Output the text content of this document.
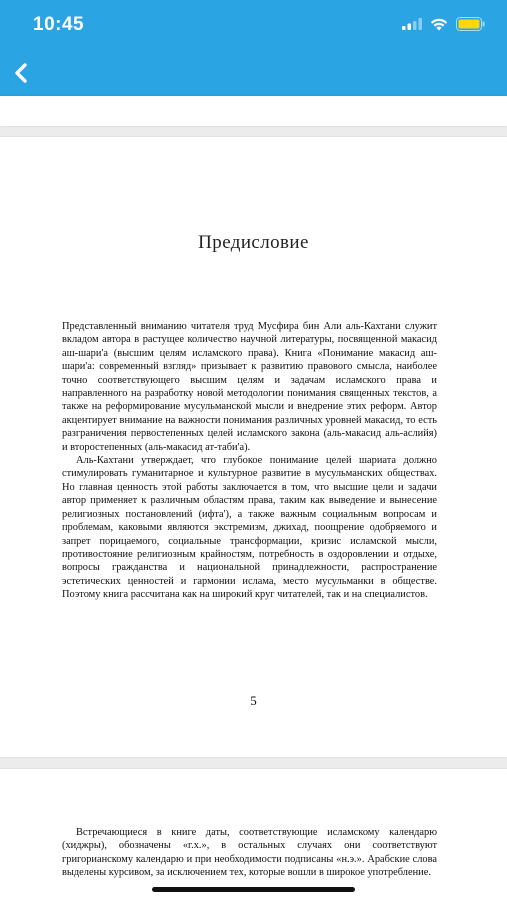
10:45
Предисловие

Представленный вниманию читателя труд Мусфира бин Али аль-Кахтани служит вкладом автора в растущее количество научной литературы, посвященной макасид аш-шари'а (высшим целям исламского права). Книга «Понимание макасид аш-шари'а: современный взгляд» призывает к развитию правового смысла, наиболее точно соответствующего высшим целям и задачам исламского права и направленного на разработку новой методологии понимания священных текстов, а также на реформирование мусульманской мысли и внедрение этих реформ. Автор акцентирует внимание на важности понимания различных уровней макасид, то есть разграничения первостепенных целей исламского закона (аль-макасид аль-аслийя) и второстепенных (аль-макасид ат-таби'а).

Аль-Кахтани утверждает, что глубокое понимание целей шариата должно стимулировать гуманитарное и культурное развитие в мусульманских обществах. Но главная ценность этой работы заключается в том, что высшие цели и задачи автор применяет к различным областям права, таким как выведение и вынесение религиозных постановлений (ифта'), а также важным социальным вопросам и проблемам, каковыми являются экстремизм, джихад, поощрение одобряемого и запрет порицаемого, социальные трансформации, кризис исламской мысли, противостояние религиозным крайностям, потребность в оздоровлении и отдыхе, вопросы гражданства и национальной принадлежности, распространение эстетических ценностей и гармонии ислама, место мусульманки в обществе. Поэтому книга рассчитана как на широкий круг читателей, так и на специалистов.

5

Встречающиеся в книге даты, соответствующие исламскому календарю (хиджры), обозначены «г.х.», в остальных случаях они соответствуют григорианскому календарю и при необходимости подписаны «н.э.». Арабские слова выделены курсивом, за исключением тех, которые вошли в широкое употребление.
